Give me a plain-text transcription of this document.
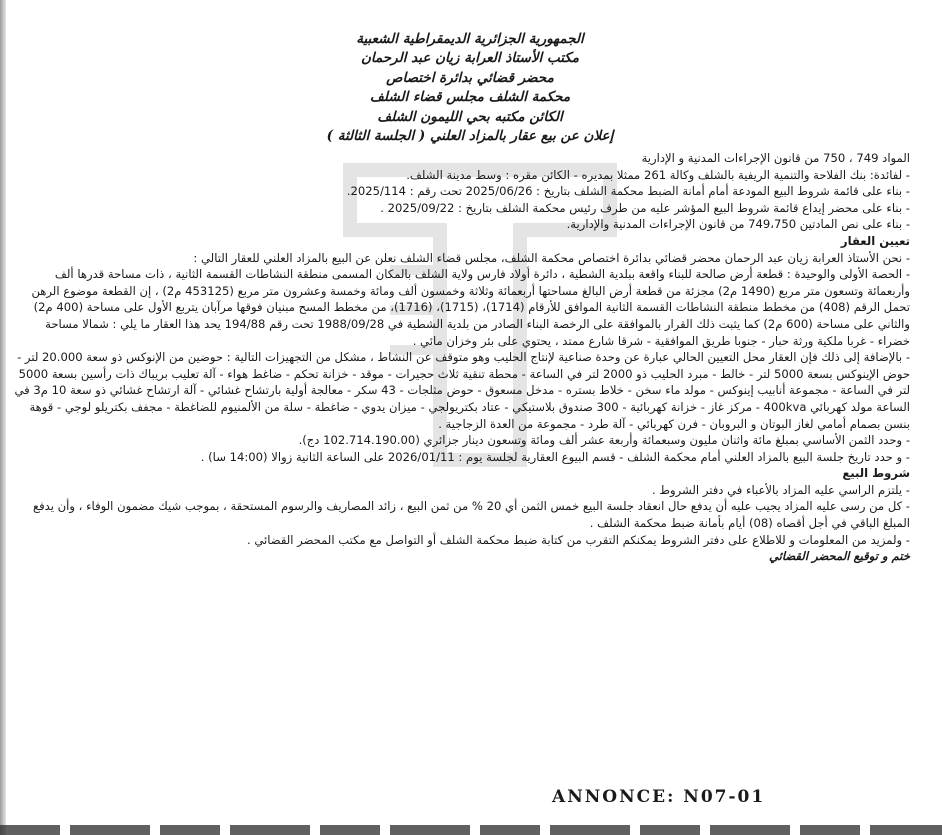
الجمهورية الجزائرية الديمقراطية الشعبية
مكتب الأستاذ العرابة زيان عبد الرحمان
محضر قضائي بدائرة اختصاص
محكمة الشلف مجلس قضاء الشلف
الكائن مكتبه بحي الليمون الشلف
إعلان عن بيع عقار بالمزاد العلني ( الجلسة الثالثة )

المواد 749 ، 750 من قانون الإجراءات المدنية و الإدارية

- لفائدة: بنك الفلاحة والتنمية الريفية بالشلف وكالة 261 ممثلا بمديره - الكائن مقره : وسط مدينة الشلف.

- بناء على قائمة شروط البيع المودعة أمام أمانة الضبط محكمة الشلف بتاريخ : 2025/06/26 تحت رقم : 2025/114.

- بناء على محضر إيداع قائمة شروط البيع المؤشر عليه من طرف رئيس محكمة الشلف بتاريخ : 2025/09/22 .

- بناء على نص المادتين 749،750 من قانون الإجراءات المدنية والإدارية.

تعيين العقار

- نحن الأستاذ العرابة زيان عبد الرحمان محضر قضائي بدائرة اختصاص محكمة الشلف، مجلس قضاء الشلف نعلن عن البيع بالمزاد العلني للعقار التالي :

- الحصة الأولى والوحيدة : قطعة أرض صالحة للبناء واقعة ببلدية الشطية ، دائرة أولاد فارس ولاية الشلف بالمكان المسمى منطقة النشاطات القسمة الثانية ، ذات مساحة قدرها ألف وأربعمائة وتسعون متر مربع (1490 م2) مجزئة من قطعة أرض البالغ مساحتها أربعمائة وثلاثة وخمسون ألف ومائة وخمسة وعشرون متر مربع (453125 م2) ، إن القطعة موضوع الرهن تحمل الرقم (408) من مخطط منطقة النشاطات القسمة الثانية الموافق للأرقام (1714)، (1715)، (1716)، من مخطط المسح مبنيان فوقها مرآبان يتربع الأول على مساحة (400 م2) والثاني على مساحة (600 م2) كما يثبت ذلك القرار بالموافقة على الرخصة البناء الصادر من بلدية الشطية في 1988/09/28 تحت رقم 194/88 يحد هذا العقار ما يلي : شمالا مساحة خضراء - غربا ملكية ورثة حبار - جنوبا طريق الموافقية - شرقا شارع ممتد ، يحتوي على بئر وخزان مائي .

- بالإضافة إلى ذلك فإن العقار محل التعيين الحالي عبارة عن وحدة صناعية لإنتاج الحليب وهو متوقف عن النشاط ، مشكل من التجهيزات التالية : حوضين من الإنوكس ذو سعة 20.000 لتر - حوض الإينوكس بسعة 5000 لتر - خالط - مبرد الحليب ذو 2000 لتر في الساعة - محطة تنقية ثلاث حجيرات - موقد - خزانة تحكم - ضاغط هواء - آلة تعليب بريباك ذات رأسين بسعة 5000 لتر في الساعة - مجموعة أنابيب إينوكس - مولد ماء سخن - خلاط بستره - مدخل مسعوق - حوض مثلجات - 43 سكر - معالجة أولية بارتشاح غشائي - آلة ارتشاح غشائي ذو سعة 10 م3 في الساعة مولد كهربائي 400kva - مركز غاز - خزانة كهربائية - 300 صندوق بلاستيكي - عتاد بكتريولجي - ميزان يدوي - ضاغطة - سلة من الألمنيوم للضاغطة - مجفف بكتريلو لوجي - قوهة بنسن بصمام أمامي لغاز البوتان و البروبان - فرن كهربائي - آلة طرد - مجموعة من العدة الزجاجية .

- وحدد الثمن الأساسي بمبلغ مائة واثنان مليون وسبعمائة وأربعة عشر ألف ومائة وتسعون دينار جزائري (102.714.190.00 دج).

- و حدد تاريخ جلسة البيع بالمزاد العلني أمام محكمة الشلف - قسم البيوع العقارية لجلسة يوم : 2026/01/11 على الساعة الثانية زوالا (14:00 سا) .

شروط البيع

- يلتزم الراسي عليه المزاد بالأعباء في دفتر الشروط .

- كل من رسى عليه المزاد يجيب عليه أن يدفع حال انعقاد جلسة البيع خمس الثمن أي 20 % من ثمن البيع ، زائد المصاريف والرسوم المستحقة ، بموجب شيك مضمون الوفاء ، وأن يدفع المبلغ الباقي في أجل أقصاه (08) أيام بأمانة ضبط محكمة الشلف .

- ولمزيد من المعلومات و للاطلاع على دفتر الشروط يمكنكم التقرب من كتابة ضبط محكمة الشلف أو التواصل مع مكتب المحضر القضائي .

ختم و توقيع المحضر القضائي

ANNONCE: N07-01
